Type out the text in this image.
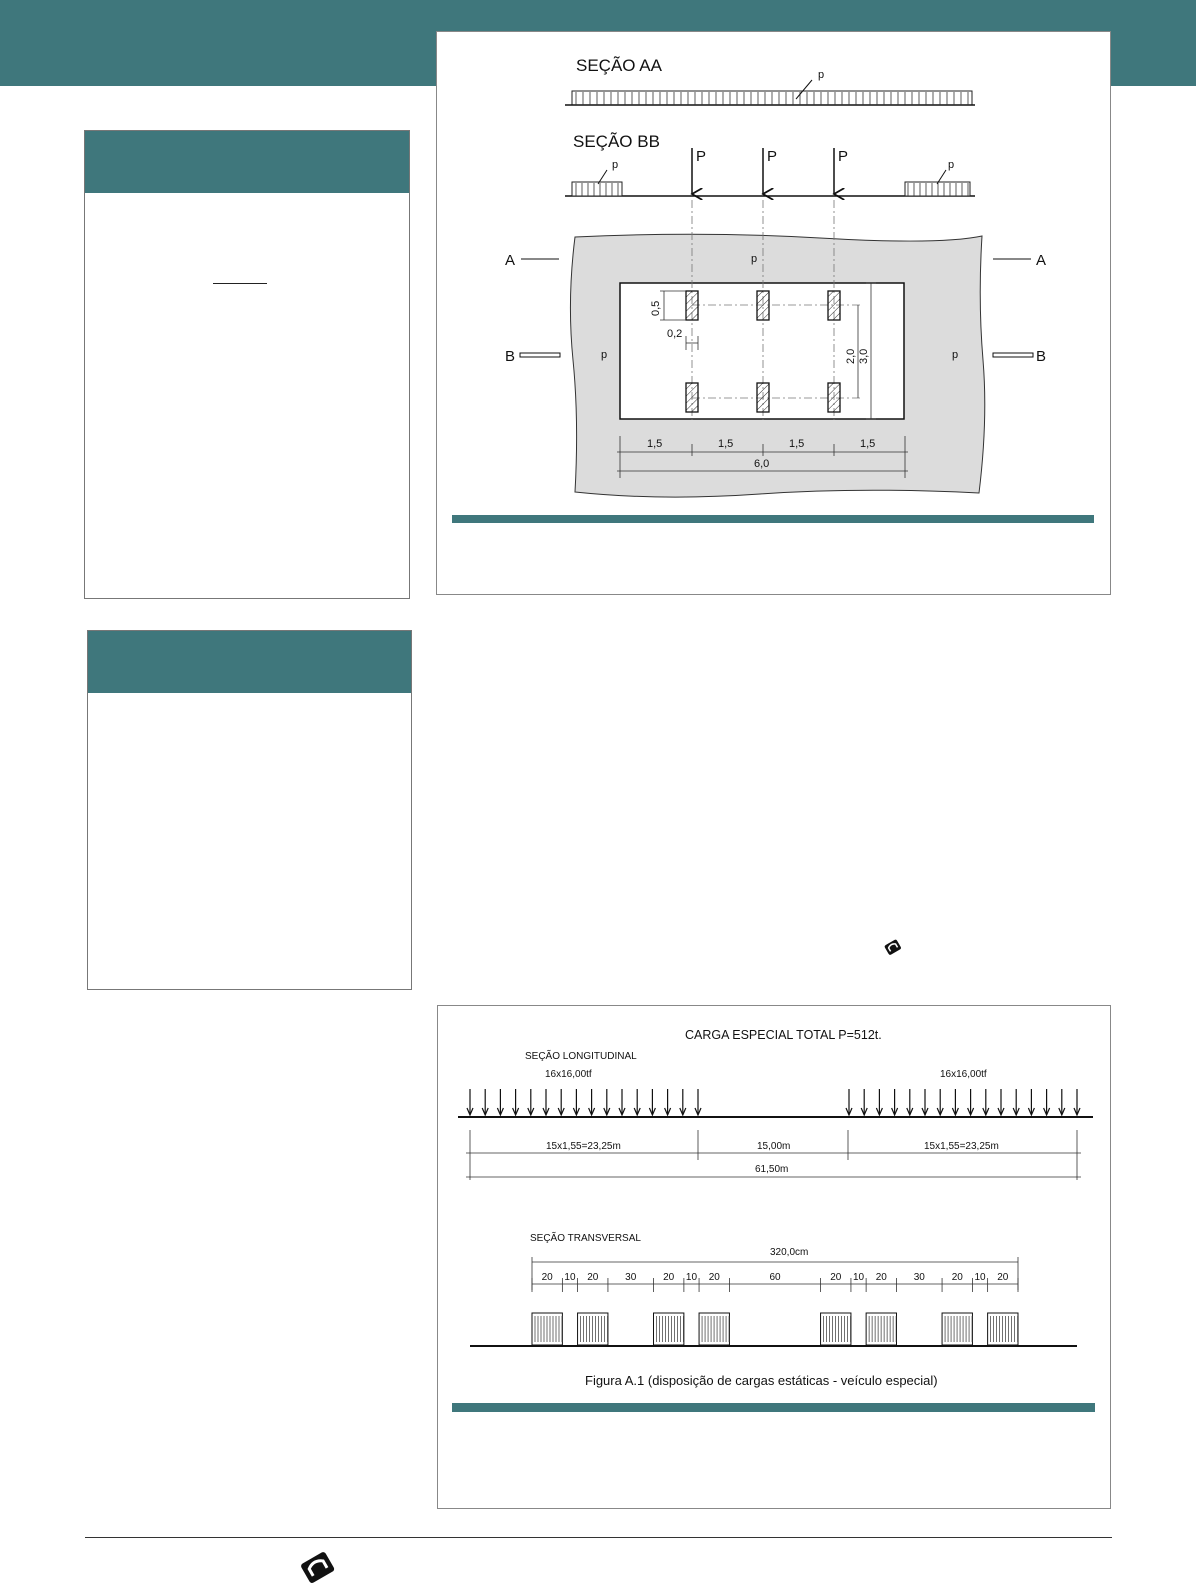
SEÇÃO AA	p
SEÇÃO BB
p	p
P	P	P
0,5
0,2
2,0 3,0
1,5	1,5	1,5	1,5
6,0
p
p	p
A	A
B	B
CARGA ESPECIAL TOTAL P=512t.
SEÇÃO LONGITUDINAL
16x16,00tf	16x16,00tf
15x1,55=23,25m	15,00m	15x1,55=23,25m
61,50m
SEÇÃO TRANSVERSAL
320,0cm
20 10 20	30	20 10 20	60	20 10 20	30	20 10 20
Figura A.1 (disposição de cargas estáticas - veículo especial)
